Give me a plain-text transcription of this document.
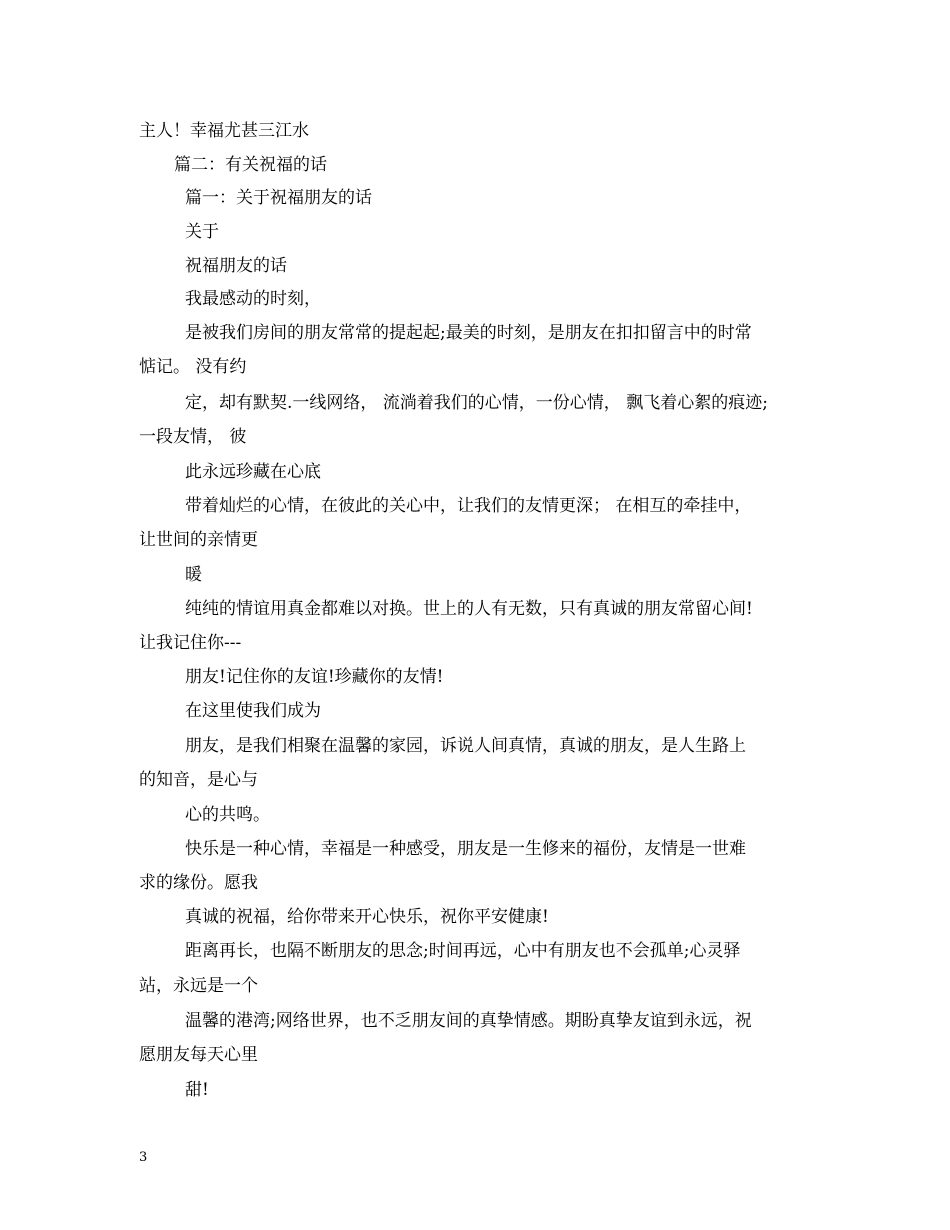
主人！幸福尤甚三江水
篇二：有关祝福的话
篇一：关于祝福朋友的话
关于
祝福朋友的话
我最感动的时刻，
是被我们房间的朋友常常的提起起;最美的时刻，是朋友在扣扣留言中的时常
惦记。 没有约
定，却有默契.一线网络， 流淌着我们的心情，一份心情， 飘飞着心絮的痕迹;
一段友情， 彼
此永远珍藏在心底
带着灿烂的心情，在彼此的关心中，让我们的友情更深； 在相互的牵挂中，
让世间的亲情更
暖
纯纯的情谊用真金都难以对换。世上的人有无数，只有真诚的朋友常留心间!
让我记住你---
朋友!记住你的友谊!珍藏你的友情!
在这里使我们成为
朋友，是我们相聚在温馨的家园，诉说人间真情，真诚的朋友，是人生路上
的知音，是心与
心的共鸣。
快乐是一种心情，幸福是一种感受，朋友是一生修来的福份，友情是一世难
求的缘份。愿我
真诚的祝福，给你带来开心快乐，祝你平安健康!
距离再长，也隔不断朋友的思念;时间再远，心中有朋友也不会孤单;心灵驿
站，永远是一个
温馨的港湾;网络世界，也不乏朋友间的真挚情感。期盼真挚友谊到永远，祝
愿朋友每天心里
甜!
3
